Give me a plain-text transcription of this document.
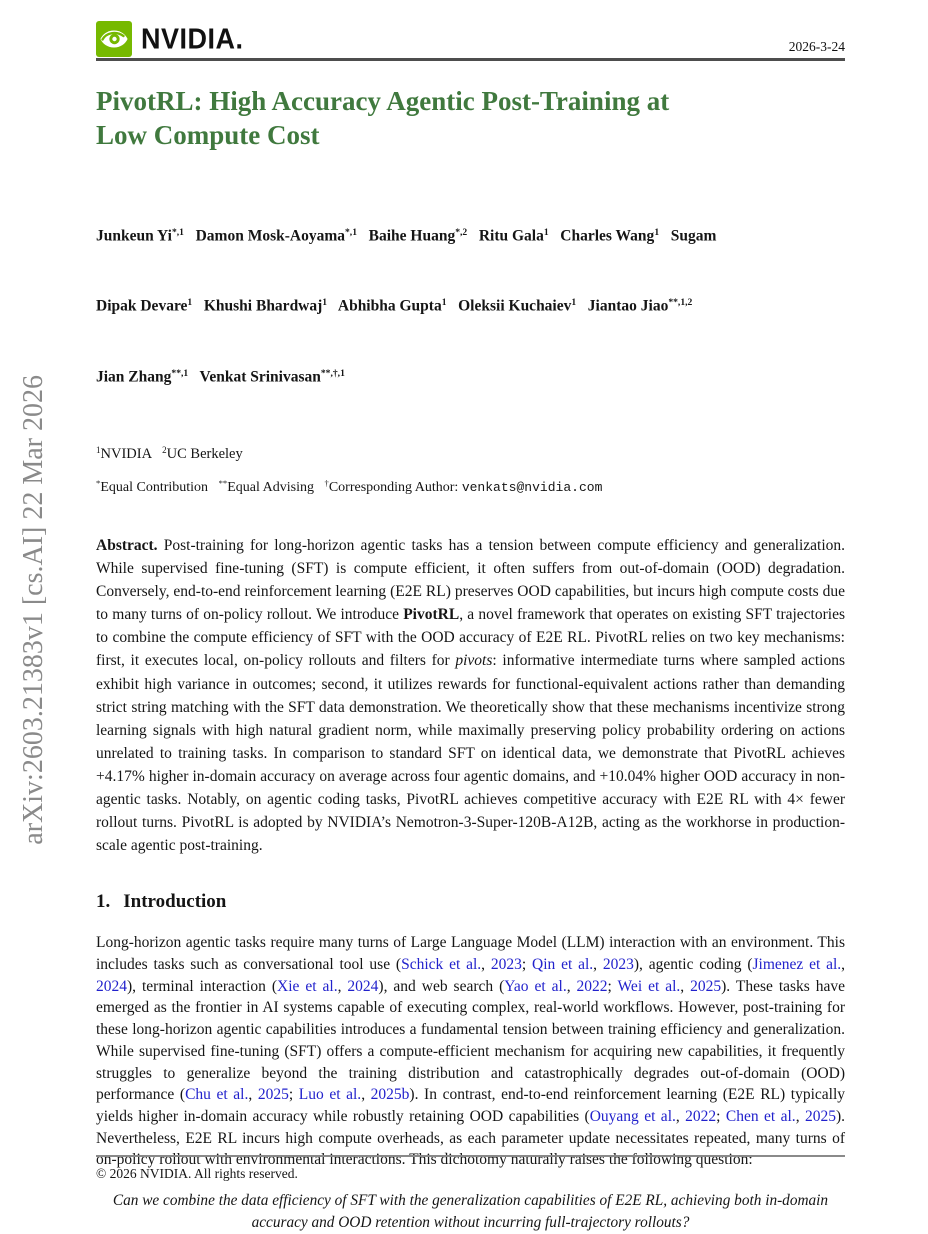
arXiv:2603.21383v1 [cs.AI] 22 Mar 2026
NVIDIA.	2026-3-24
PivotRL: High Accuracy Agentic Post-Training at
Low Compute Cost

Junkeun $Yi^{*,1}$ Damon Mosk-Aoyama$^{*,1}$ Baihe Huang$^{*,2}$ Ritu Gala$^1$ Charles Wang$^1$ Sugam

Dipak Devare$^1$ Khushi Bhardwaj$^1$ Abhibha Gupta$^1$ Oleksii Kuchaiev$^1$ Jiantao Jiao$^{**,1,2}$

Jian Zhang$^{**,1}$ Venkat Srinivasan$^{**,\dagger,1}$

$^1$NVIDIA   $^2$UC Berkeley
*Equal Contribution   **Equal Advising   †Corresponding Author: venkats@nvidia.com
Abstract. Post-training for long-horizon agentic tasks has a tension between compute efficiency and generalization. While supervised fine-tuning (SFT) is compute efficient, it often suffers from out-of-domain (OOD) degradation. Conversely, end-to-end reinforcement learning (E2E RL) preserves OOD capabilities, but incurs high compute costs due to many turns of on-policy rollout. We introduce PivotRL, a novel framework that operates on existing SFT trajectories to combine the compute efficiency of SFT with the OOD accuracy of E2E RL. PivotRL relies on two key mechanisms: first, it executes local, on-policy rollouts and filters for pivots: informative intermediate turns where sampled actions exhibit high variance in outcomes; second, it utilizes rewards for functional-equivalent actions rather than demanding strict string matching with the SFT data demonstration. We theoretically show that these mechanisms incentivize strong learning signals with high natural gradient norm, while maximally preserving policy probability ordering on actions unrelated to training tasks. In comparison to standard SFT on identical data, we demonstrate that PivotRL achieves +4.17% higher in-domain accuracy on average across four agentic domains, and +10.04% higher OOD accuracy in non-agentic tasks. Notably, on agentic coding tasks, PivotRL achieves competitive accuracy with E2E RL with 4× fewer rollout turns. PivotRL is adopted by NVIDIA’s Nemotron-3-Super-120B-A12B, acting as the workhorse in production-scale agentic post-training.
1. Introduction
Long-horizon agentic tasks require many turns of Large Language Model (LLM) interaction with an environment. This includes tasks such as conversational tool use (Schick et al., 2023; Qin et al., 2023), agentic coding (Jimenez et al., 2024), terminal interaction (Xie et al., 2024), and web search (Yao et al., 2022; Wei et al., 2025). These tasks have emerged as the frontier in AI systems capable of executing complex, real-world workflows. However, post-training for these long-horizon agentic capabilities introduces a fundamental tension between training efficiency and generalization. While supervised fine-tuning (SFT) offers a compute-efficient mechanism for acquiring new capabilities, it frequently struggles to generalize beyond the training distribution and catastrophically degrades out-of-domain (OOD) performance (Chu et al., 2025; Luo et al., 2025b). In contrast, end-to-end reinforcement learning (E2E RL) typically yields higher in-domain accuracy while robustly retaining OOD capabilities (Ouyang et al., 2022; Chen et al., 2025). Nevertheless, E2E RL incurs high compute overheads, as each parameter update necessitates repeated, many turns of on-policy rollout with environmental interactions. This dichotomy naturally raises the following question:
Can we combine the data efficiency of SFT with the generalization capabilities of E2E RL, achieving both in-domain accuracy and OOD retention without incurring full-trajectory rollouts?
© 2026 NVIDIA. All rights reserved.
